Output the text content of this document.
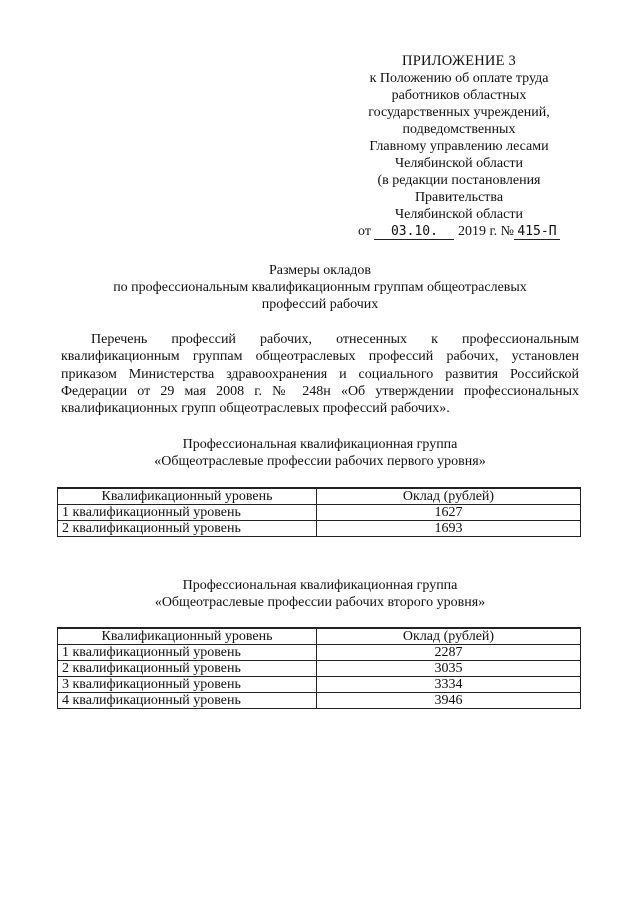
ПРИЛОЖЕНИЕ 3
к Положению об оплате труда
работников областных
государственных учреждений,
подведомственных
Главному управлению лесами
Челябинской области
(в редакции постановления
Правительства
Челябинской области
от 03.10. 2019 г. № 415-П
Размеры окладов
по профессиональным квалификационным группам общеотраслевых
профессий рабочих

Перечень профессий рабочих, отнесенных к профессиональным квалификационным группам общеотраслевых профессий рабочих, установлен приказом Министерства здравоохранения и социального развития Российской Федерации от 29 мая 2008 г. № 248н «Об утверждении профессиональных квалификационных групп общеотраслевых профессий рабочих».

Профессиональная квалификационная группа
«Общеотраслевые профессии рабочих первого уровня»
Квалификационный уровень	Оклад (рублей)
1 квалификационный уровень	1627
2 квалификационный уровень	1693
Профессиональная квалификационная группа
«Общеотраслевые профессии рабочих второго уровня»
Квалификационный уровень	Оклад (рублей)
1 квалификационный уровень	2287
2 квалификационный уровень	3035
3 квалификационный уровень	3334
4 квалификационный уровень	3946
